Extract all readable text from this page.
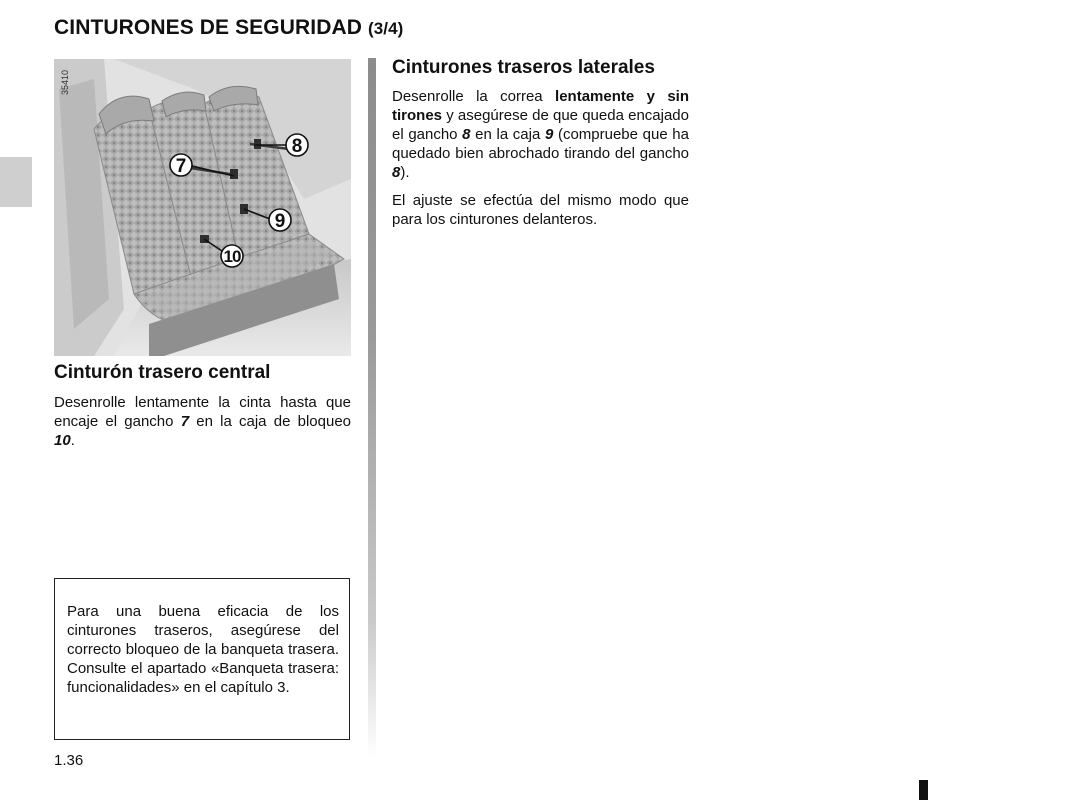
CINTURONES DE SEGURIDAD (3/4)
7
8
9
10
35410
Cinturón trasero central

Desenrolle lentamente la cinta hasta que encaje el gancho 7 en la caja de bloqueo 10.

Para una buena eficacia de los cinturones traseros, asegúrese del correcto bloqueo de la banqueta trasera. Consulte el apartado «Banqueta trasera: funcionalidades» en el capítulo 3.

Cinturones traseros laterales

Desenrolle la correa lentamente y sin tirones y asegúrese de que queda encajado el gancho 8 en la caja 9 (compruebe que ha quedado bien abrochado tirando del gancho 8).

El ajuste se efectúa del mismo modo que para los cinturones delanteros.

1.36
